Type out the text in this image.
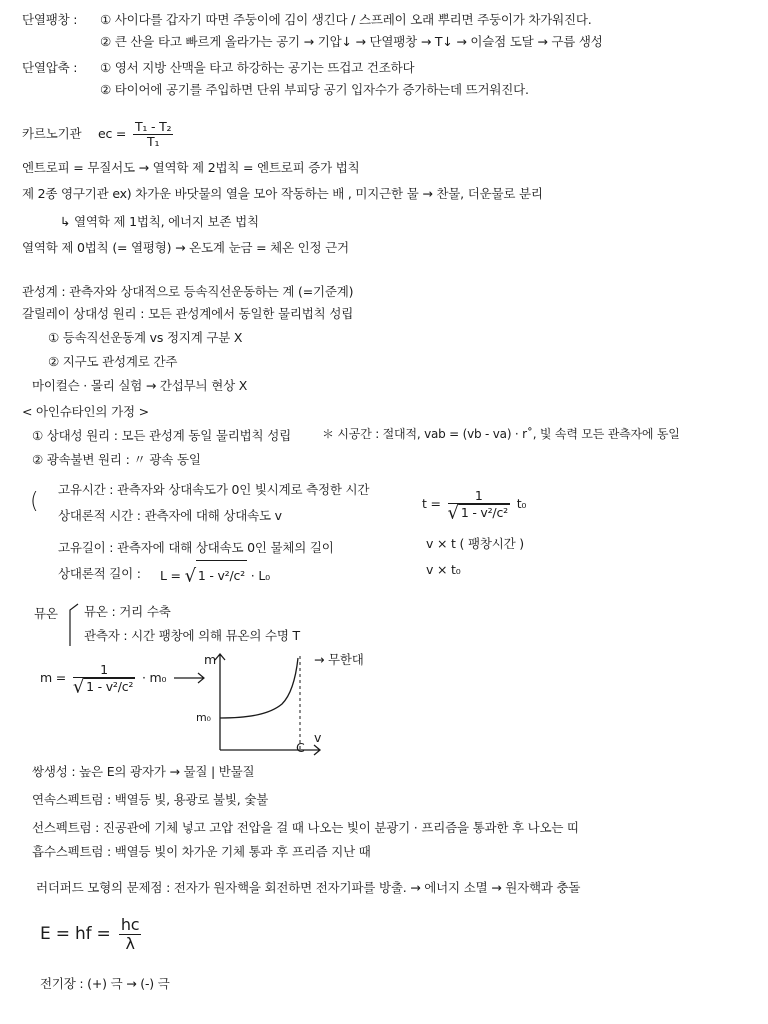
단열팽창 : ① 사이다를 갑자기 따면 주둥이에 김이 생긴다 / 스프레이 오래 뿌리면 주둥이가 차가워진다.
② 큰 산을 타고 빠르게 올라가는 공기 → 기압↓ → 단열팽창 → T↓ → 이슬점 도달 → 구름 생성
단열압축 : ① 영서 지방 산맥을 타고 하강하는 공기는 뜨겁고 건조하다
② 타이어에 공기를 주입하면 단위 부피당 공기 입자수가 증가하는데 뜨거워진다.
카르노기관 ec = $\frac{\text{T₁ - T₂}}{\text{T₁}}$
엔트로피 = 무질서도 → 열역학 제 2법칙 = 엔트로피 증가 법칙
제 2종 영구기관 ex) 차가운 바닷물의 열을 모아 작동하는 배 , 미지근한 물 → 찬물, 더운물로 분리
↳ 열역학 제 1법칙, 에너지 보존 법칙
열역학 제 0법칙 (= 열평형) → 온도계 눈금 = 체온 인정 근거
관성계 : 관측자와 상대적으로 등속직선운동하는 계 (=기준계)
갈릴레이 상대성 원리 : 모든 관성계에서 동일한 물리법칙 성립
① 등속직선운동계 vs 정지계 구분 X
② 지구도 관성계로 간주
마이컬슨 · 몰리 실험 → 간섭무늬 현상 X
< 아인슈타인의 가정 >
① 상대성 원리 : 모든 관성계 동일 물리법칙 성립	＊ 시공간 : 절대적, vab = (vb - va) · r˚, 빛 속력 모든 관측자에 동일
② 광속불변 원리 : 〃 광속 동일
( 고유시간 : 관측자와 상대속도가 0인 빛시계로 측정한 시간
상대론적 시간 : 관측자에 대해 상대속도 v
$t = \frac{1}{\text{√ 1 - v²/c²}} t_0$
고유길이 : 관측자에 대해 상대속도 0인 물체의 길이	v × t ( 팽창시간 )
상대론적 길이 : L = √ 1 - v²/c² · L₀	v × t₀
뮤온 뮤온 : 거리 수축
관측자 : 시간 팽창에 의해 뮤온의 수명 T
$m = \frac{1}{\text{√ 1 - v²/c²}} \cdot m_0$
m
v
m₀
C
→ 무한대
쌍생성 : 높은 E의 광자가 → 물질 | 반물질
연속스펙트럼 : 백열등 빛, 용광로 불빛, 숯불
선스펙트럼 : 진공관에 기체 넣고 고압 전압을 걸 때 나오는 빛이 분광기 · 프리즘을 통과한 후 나오는 띠
흡수스펙트럼 : 백열등 빛이 차가운 기체 통과 후 프리즘 지난 때
러더퍼드 모형의 문제점 : 전자가 원자핵을 회전하면 전자기파를 방출. → 에너지 소멸 → 원자핵과 충돌
E = hf = $\frac{hc}{\lambda}$
전기장 : (+) 극 → (-) 극
